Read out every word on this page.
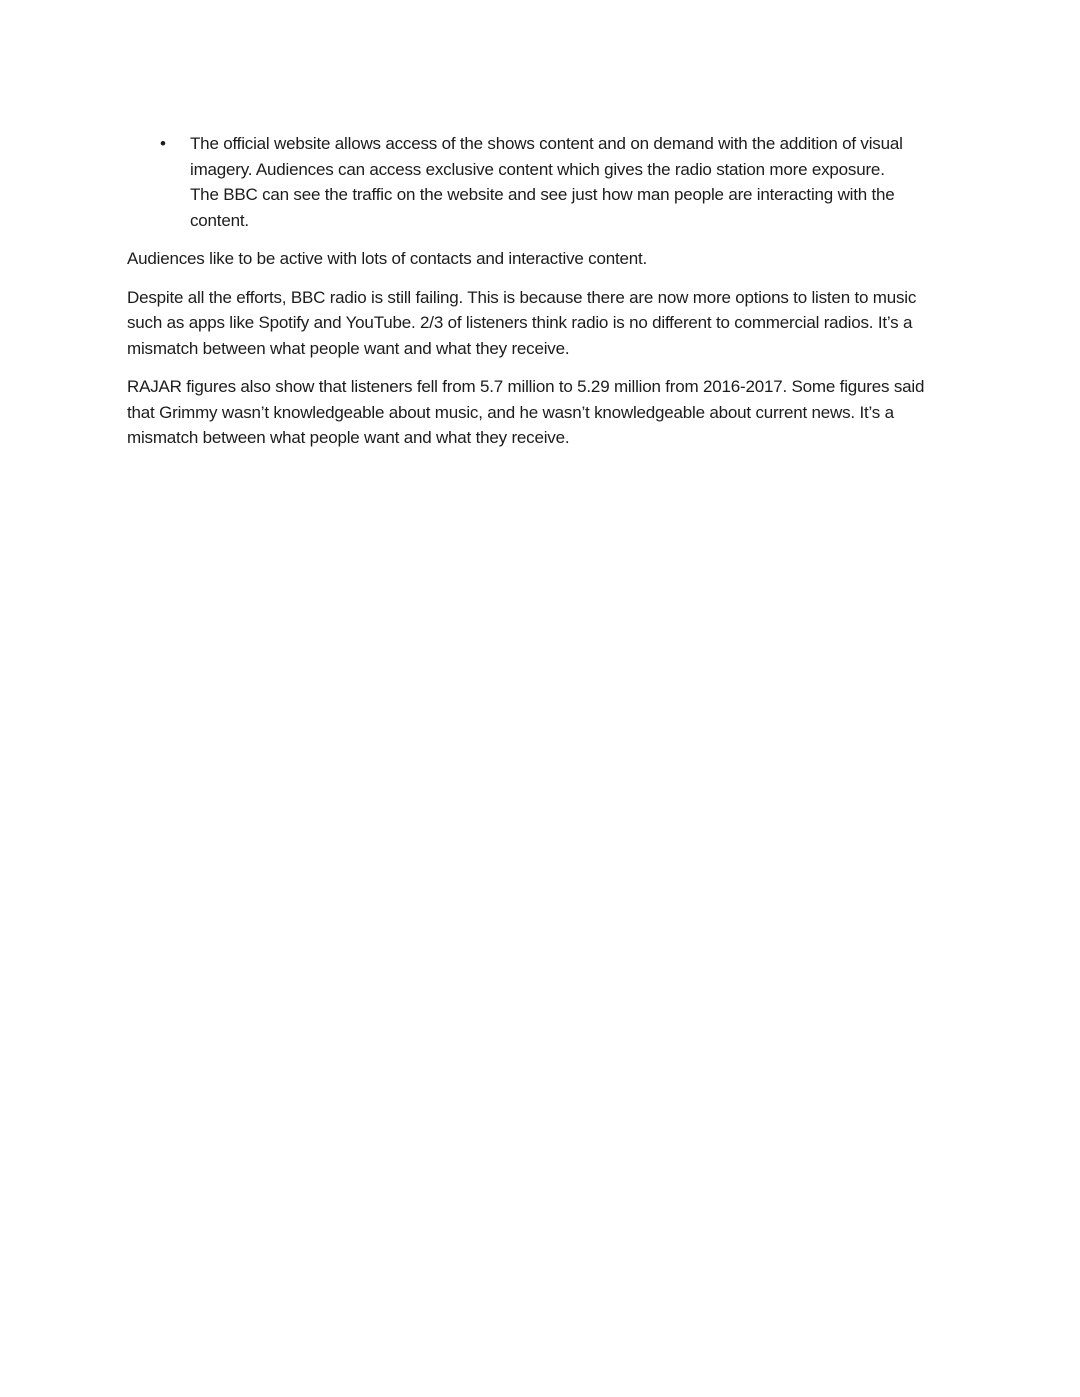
•	The official website allows access of the shows content and on demand with the addition of visual imagery. Audiences can access exclusive content which gives the radio station more exposure. The BBC can see the traffic on the website and see just how man people are interacting with the content.

Audiences like to be active with lots of contacts and interactive content.

Despite all the efforts, BBC radio is still failing. This is because there are now more options to listen to music such as apps like Spotify and YouTube. 2/3 of listeners think radio is no different to commercial radios. It’s a mismatch between what people want and what they receive.

RAJAR figures also show that listeners fell from 5.7 million to 5.29 million from 2016-2017. Some figures said that Grimmy wasn’t knowledgeable about music, and he wasn’t knowledgeable about current news. It’s a mismatch between what people want and what they receive.
